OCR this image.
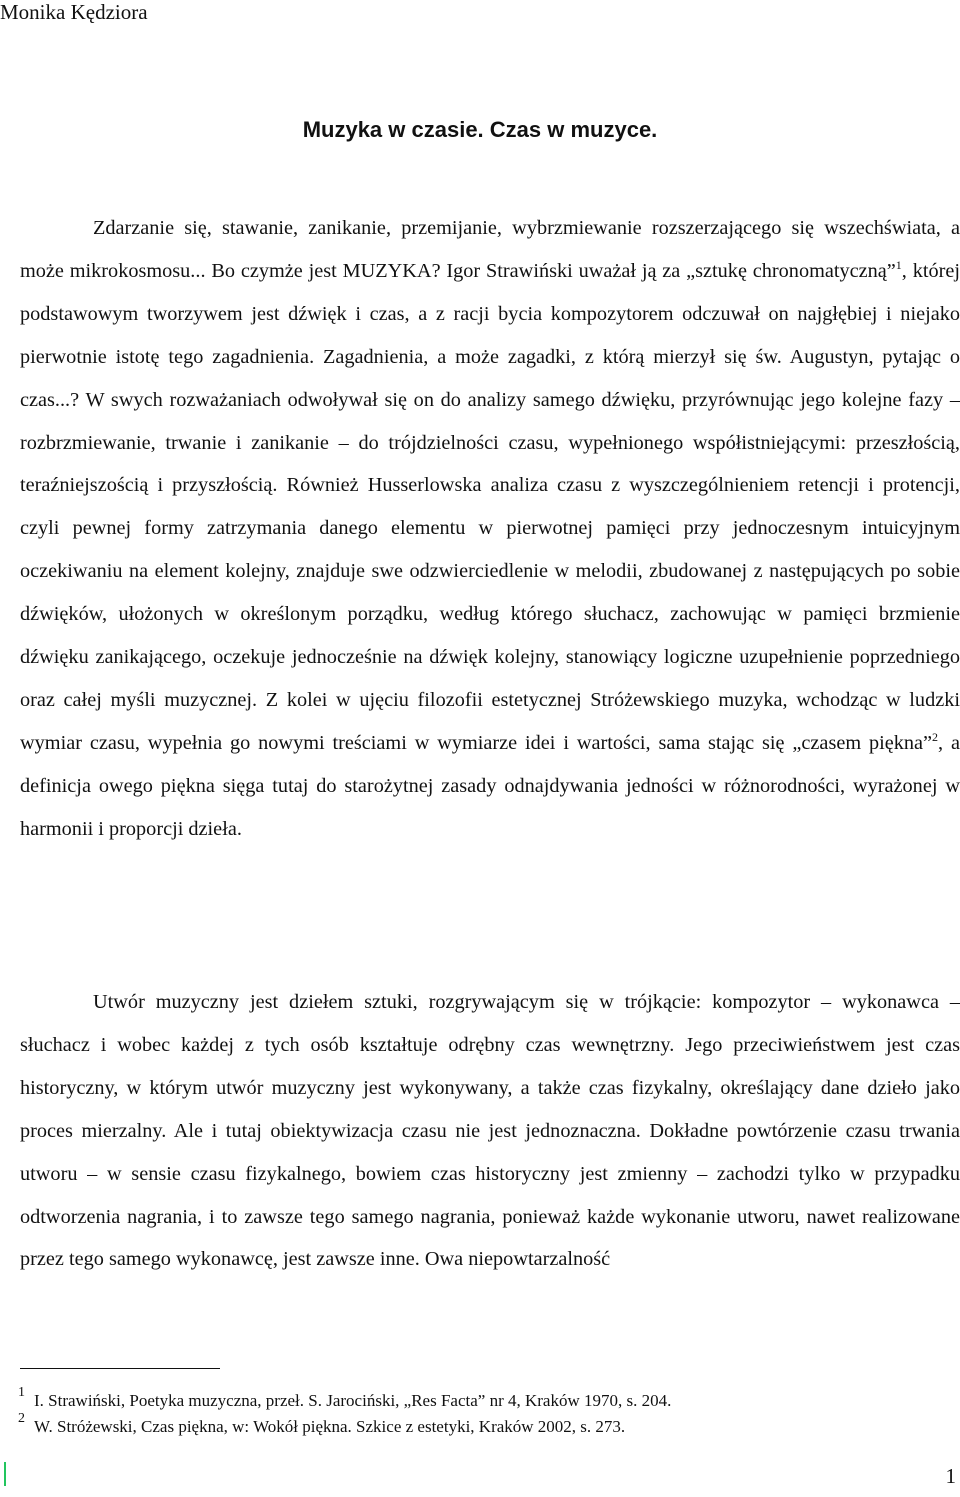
Monika Kędziora
Muzyka w czasie. Czas w muzyce.

Zdarzanie się, stawanie, zanikanie, przemijanie, wybrzmiewanie rozszerzającego się wszechświata, a może mikrokosmosu... Bo czymże jest MUZYKA? Igor Strawiński uważał ją za „sztukę chronomatyczną”$^1$, której podstawowym tworzywem jest dźwięk i czas, a z racji bycia kompozytorem odczuwał on najgłębiej i niejako pierwotnie istotę tego zagadnienia. Zagadnienia, a może zagadki, z którą mierzył się św. Augustyn, pytając o czas...? W swych rozważaniach odwoływał się on do analizy samego dźwięku, przyrównując jego kolejne fazy – rozbrzmiewanie, trwanie i zanikanie – do trójdzielności czasu, wypełnionego współistniejącymi: przeszłością, teraźniejszością i przyszłością. Również Husserlowska analiza czasu z wyszczególnieniem retencji i protencji, czyli pewnej formy zatrzymania danego elementu w pierwotnej pamięci przy jednoczesnym intuicyjnym oczekiwaniu na element kolejny, znajduje swe odzwierciedlenie w melodii, zbudowanej z następujących po sobie dźwięków, ułożonych w określonym porządku, według którego słuchacz, zachowując w pamięci brzmienie dźwięku zanikającego, oczekuje jednocześnie na dźwięk kolejny, stanowiący logiczne uzupełnienie poprzedniego oraz całej myśli muzycznej. Z kolei w ujęciu filozofii estetycznej Stróżewskiego muzyka, wchodząc w ludzki wymiar czasu, wypełnia go nowymi treściami w wymiarze idei i wartości, sama stając się „czasem piękna”$^2$, a definicja owego piękna sięga tutaj do starożytnej zasady odnajdywania jedności w różnorodności, wyrażonej w harmonii i proporcji dzieła.

Utwór muzyczny jest dziełem sztuki, rozgrywającym się w trójkącie: kompozytor – wykonawca – słuchacz i wobec każdej z tych osób kształtuje odrębny czas wewnętrzny. Jego przeciwieństwem jest czas historyczny, w którym utwór muzyczny jest wykonywany, a także czas fizykalny, określający dane dzieło jako proces mierzalny. Ale i tutaj obiektywizacja czasu nie jest jednoznaczna. Dokładne powtórzenie czasu trwania utworu – w sensie czasu fizykalnego, bowiem czas historyczny jest zmienny – zachodzi tylko w przypadku odtworzenia nagrania, i to zawsze tego samego nagrania, ponieważ każde wykonanie utworu, nawet realizowane przez tego samego wykonawcę, jest zawsze inne. Owa niepowtarzalność

1 I. Strawiński, Poetyka muzyczna, przeł. S. Jarociński, „Res Facta” nr 4, Kraków 1970, s. 204.
2 W. Stróżewski, Czas piękna, w: Wokół piękna. Szkice z estetyki, Kraków 2002, s. 273.
1
